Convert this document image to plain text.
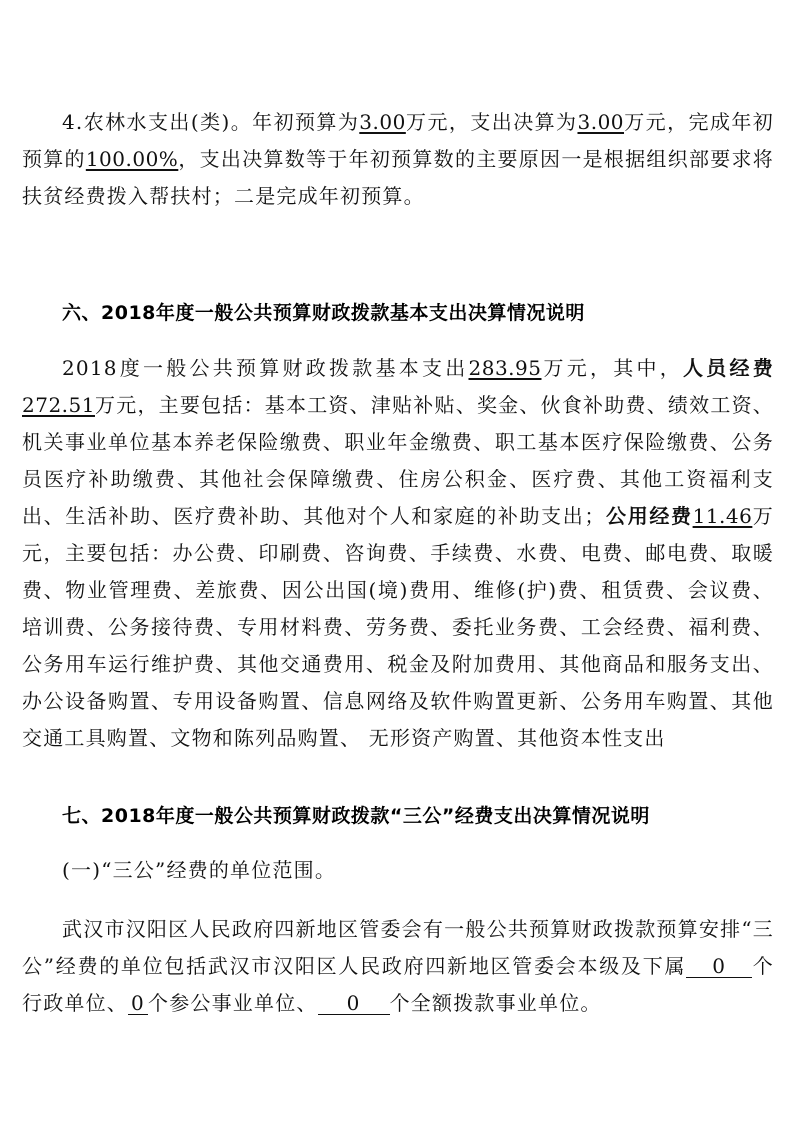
4.农林水支出(类)。年初预算为3.00万元，支出决算为3.00万元，完成年初预算的100.00%，支出决算数等于年初预算数的主要原因一是根据组织部要求将扶贫经费拨入帮扶村；二是完成年初预算。

六、2018年度一般公共预算财政拨款基本支出决算情况说明

2018度一般公共预算财政拨款基本支出283.95万元，其中，人员经费272.51万元，主要包括：基本工资、津贴补贴、奖金、伙食补助费、绩效工资、机关事业单位基本养老保险缴费、职业年金缴费、职工基本医疗保险缴费、公务员医疗补助缴费、其他社会保障缴费、住房公积金、医疗费、其他工资福利支出、生活补助、医疗费补助、其他对个人和家庭的补助支出；公用经费11.46万元，主要包括：办公费、印刷费、咨询费、手续费、水费、电费、邮电费、取暖费、物业管理费、差旅费、因公出国(境)费用、维修(护)费、租赁费、会议费、培训费、公务接待费、专用材料费、劳务费、委托业务费、工会经费、福利费、公务用车运行维护费、其他交通费用、税金及附加费用、其他商品和服务支出、办公设备购置、专用设备购置、信息网络及软件购置更新、公务用车购置、其他交通工具购置、文物和陈列品购置、 无形资产购置、其他资本性支出

七、2018年度一般公共预算财政拨款“三公”经费支出决算情况说明

(一)“三公”经费的单位范围。

武汉市汉阳区人民政府四新地区管委会有一般公共预算财政拨款预算安排“三公”经费的单位包括武汉市汉阳区人民政府四新地区管委会本级及下属 0 个行政单位、 0 个参公事业单位、 0 个全额拨款事业单位。
